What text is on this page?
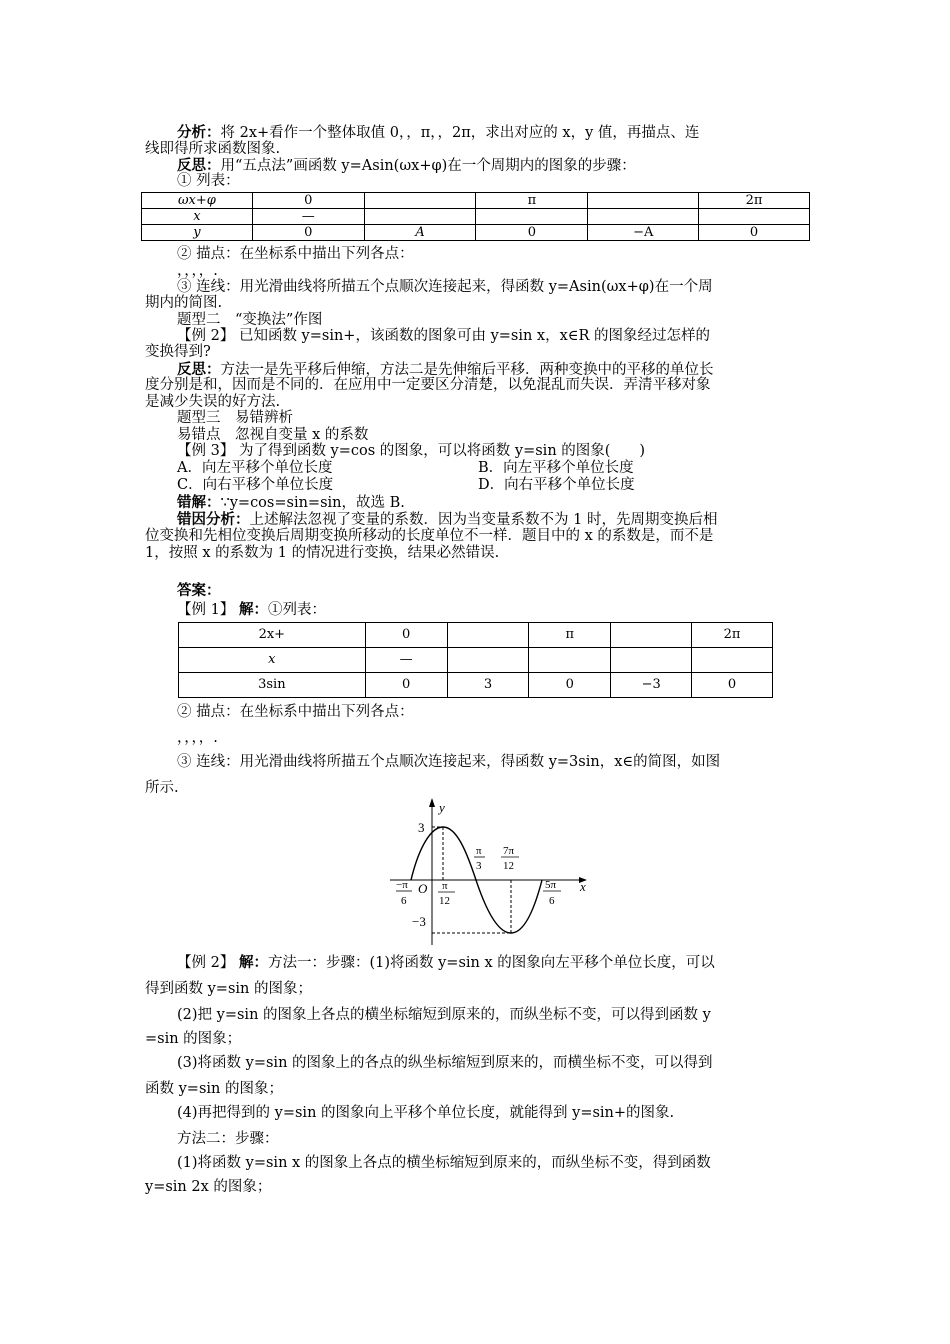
分析：将 2x+看作一个整体取值 0，，π，，2π，求出对应的 x，y 值，再描点、连
线即得所求函数图象.
反思：用“五点法”画函数 y=Asin(ωx+φ)在一个周期内的图象的步骤：
① 列表：
ωx+φ	0		π		2π
x	—				
y	0	A	0	−A	0
② 描点：在坐标系中描出下列各点：
，，，，.
③ 连线：用光滑曲线将所描五个点顺次连接起来，得函数 y=Asin(ωx+φ)在一个周
期内的简图.
题型二　“变换法”作图
【例 2】 已知函数 y=sin+，该函数的图象可由 y=sin x，x∈R 的图象经过怎样的
变换得到?
反思：方法一是先平移后伸缩，方法二是先伸缩后平移．两种变换中的平移的单位长
度分别是和，因而是不同的．在应用中一定要区分清楚，以免混乱而失误．弄清平移对象
是减少失误的好方法.
题型三　易错辨析
易错点　忽视自变量 x 的系数
【例 3】 为了得到函数 y=cos 的图象，可以将函数 y=sin 的图象(　　)
A．向左平移个单位长度	B．向左平移个单位长度
C．向右平移个单位长度	D．向右平移个单位长度
错解：∵y=cos=sin=sin，故选 B.
错因分析：上述解法忽视了变量的系数．因为当变量系数不为 1 时，先周期变换后相
位变换和先相位变换后周期变换所移动的长度单位不一样．题目中的 x 的系数是，而不是
1，按照 x 的系数为 1 的情况进行变换，结果必然错误.
答案：
【例 1】 解：①列表：
2x+	0		π		2π
x	—				
3sin	0	3	0	−3	0
② 描点：在坐标系中描出下列各点：
，，，，.
③ 连线：用光滑曲线将所描五个点顺次连接起来，得函数 y=3sin，x∈的简图，如图
所示.
y
x
O
3
−3
−π
6
π
12
π
3
7π
12
5π
6
【例 2】 解：方法一：步骤：(1)将函数 y=sin x 的图象向左平移个单位长度，可以
得到函数 y=sin 的图象；
(2)把 y=sin 的图象上各点的横坐标缩短到原来的，而纵坐标不变，可以得到函数 y
=sin 的图象；
(3)将函数 y=sin 的图象上的各点的纵坐标缩短到原来的，而横坐标不变，可以得到
函数 y=sin 的图象；
(4)再把得到的 y=sin 的图象向上平移个单位长度，就能得到 y=sin+的图象.
方法二：步骤：
(1)将函数 y=sin x 的图象上各点的横坐标缩短到原来的，而纵坐标不变，得到函数
y=sin 2x 的图象；
